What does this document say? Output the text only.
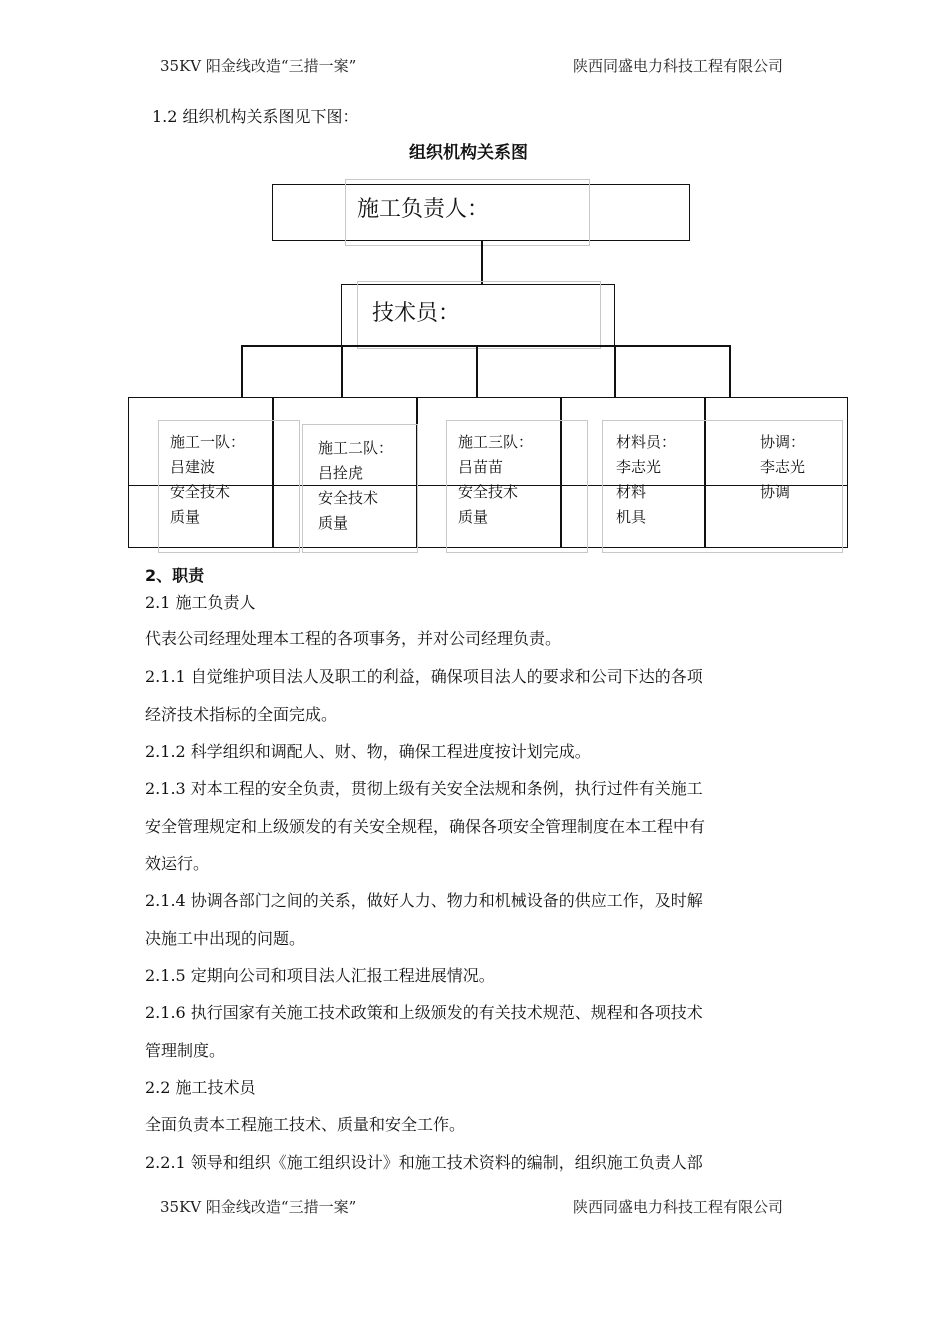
35KV 阳金线改造“三措一案”	陕西同盛电力科技工程有限公司
1.2 组织机构关系图见下图：
组织机构关系图
施工负责人：
技术员：
施工一队：
吕建波
安全技术
质量
施工二队：
吕拴虎
安全技术
质量
施工三队：
吕苗苗
安全技术
质量
材料员：
李志光
材料
机具
协调：
李志光
协调
2、职责
2.1 施工负责人
代表公司经理处理本工程的各项事务，并对公司经理负责。
2.1.1 自觉维护项目法人及职工的利益，确保项目法人的要求和公司下达的各项
经济技术指标的全面完成。
2.1.2 科学组织和调配人、财、物，确保工程进度按计划完成。
2.1.3 对本工程的安全负责，贯彻上级有关安全法规和条例，执行过件有关施工
安全管理规定和上级颁发的有关安全规程，确保各项安全管理制度在本工程中有
效运行。
2.1.4 协调各部门之间的关系，做好人力、物力和机械设备的供应工作，及时解
决施工中出现的问题。
2.1.5 定期向公司和项目法人汇报工程进展情况。
2.1.6 执行国家有关施工技术政策和上级颁发的有关技术规范、规程和各项技术
管理制度。
2.2 施工技术员
全面负责本工程施工技术、质量和安全工作。
2.2.1 领导和组织《施工组织设计》和施工技术资料的编制，组织施工负责人部
35KV 阳金线改造“三措一案”	陕西同盛电力科技工程有限公司
